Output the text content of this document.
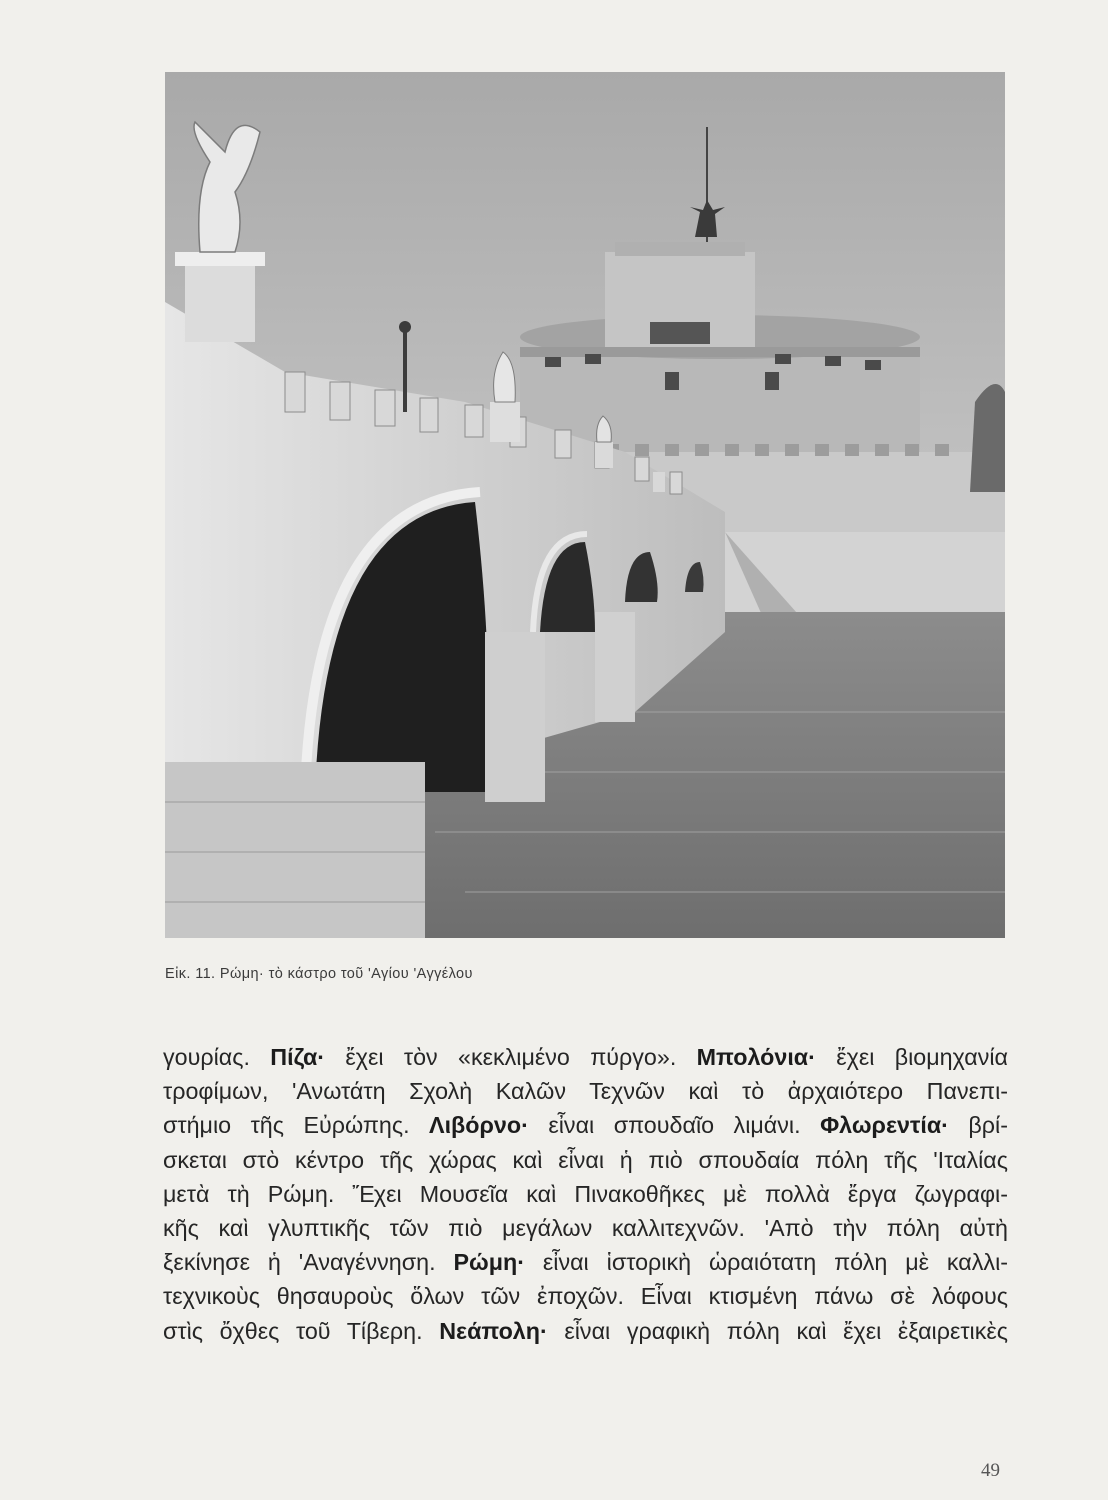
Εἰκ. 11. Ρώμη· τὸ κάστρο τοῦ 'Αγίου 'Αγγέλου
γουρίας. Πίζα· ἔχει τὸν «κεκλιμένο πύργο». Μπολόνια· ἔχει βιομηχανία
τροφίμων, 'Ανωτάτη Σχολὴ Καλῶν Τεχνῶν καὶ τὸ ἀρχαιότερο Πανεπι-
στήμιο τῆς Εὐρώπης. Λιβόρνο· εἶναι σπουδαῖο λιμάνι. Φλωρεντία· βρί-
σκεται στὸ κέντρο τῆς χώρας καὶ εἶναι ἡ πιὸ σπουδαία πόλη τῆς 'Ιταλίας
μετὰ τὴ Ρώμη. Ἔχει Μουσεῖα καὶ Πινακοθῆκες μὲ πολλὰ ἔργα ζωγραφι-
κῆς καὶ γλυπτικῆς τῶν πιὸ μεγάλων καλλιτεχνῶν. 'Απὸ τὴν πόλη αὐτὴ
ξεκίνησε ἡ 'Αναγέννηση. Ρώμη· εἶναι ἱστορικὴ ὡραιότατη πόλη μὲ καλλι-
τεχνικοὺς θησαυροὺς ὅλων τῶν ἐποχῶν. Εἶναι κτισμένη πάνω σὲ λόφους
στὶς ὄχθες τοῦ Τίβερη. Νεάπολη· εἶναι γραφικὴ πόλη καὶ ἔχει ἐξαιρετικὲς
49
